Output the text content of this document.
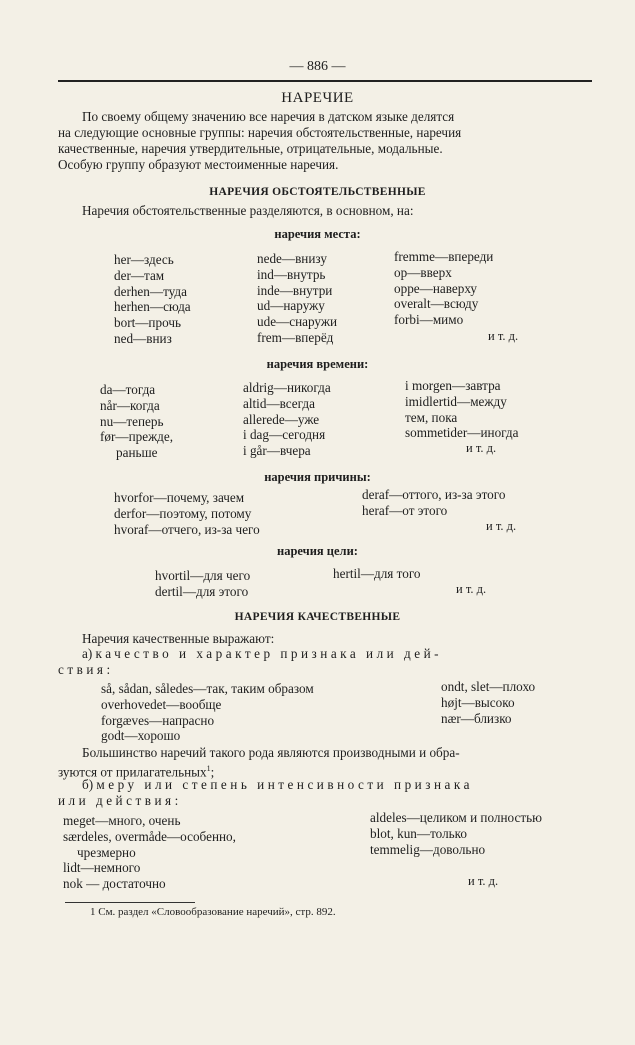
— 886 —
НАРЕЧИЕ
По своему общему значению все наречия в датском языке делятся
на следующие основные группы: наречия обстоятельственные, наречия
качественные, наречия утвердительные, отрицательные, модальные.
Особую группу образуют местоименные наречия.
НАРЕЧИЯ ОБСТОЯТЕЛЬСТВЕННЫЕ
Наречия обстоятельственные разделяются, в основном, на:
наречия места:
her—здесь
der—там
derhen—туда
herhen—сюда
bort—прочь
ned—вниз
nede—внизу
ind—внутрь
inde—внутри
ud—наружу
ude—снаружи
frem—вперёд
fremme—впереди
op—вверх
oppe—наверху
overalt—всюду
forbi—мимо
и т. д.
наречия времени:
da—тогда
når—когда
nu—теперь
før—прежде,
раньше
aldrig—никогда
altid—всегда
allerede—уже
i dag—сегодня
i går—вчера
i morgen—завтра
imidlertid—между
тем, пока
sommetider—иногда
и т. д.
наречия причины:
hvorfor—почему, зачем
derfor—поэтому, потому
hvoraf—отчего, из-за чего
deraf—оттого, из-за этого
heraf—от этого
и т. д.
наречия цели:
hvortil—для чего
dertil—для этого
hertil—для того
и т. д.
НАРЕЧИЯ КАЧЕСТВЕННЫЕ
Наречия качественные выражают:
а) качество и характер признака или дей-
ствия:
så, sådan, således—так, таким образом
overhovedet—вообще
forgæves—напрасно
godt—хорошо
ondt, slet—плохо
højt—высоко
nær—близко
Большинство наречий такого рода являются производными и обра-
зуются от прилагательных$^1$;
б) меру или степень интенсивности признака
или действия:
meget—много, очень
særdeles, overmåde—особенно,
чрезмерно
lidt—немного
nok — достаточно
aldeles—целиком и полностью
blot, kun—только
temmelig—довольно
и т. д.
1 См. раздел «Словообразование наречий», стр. 892.
